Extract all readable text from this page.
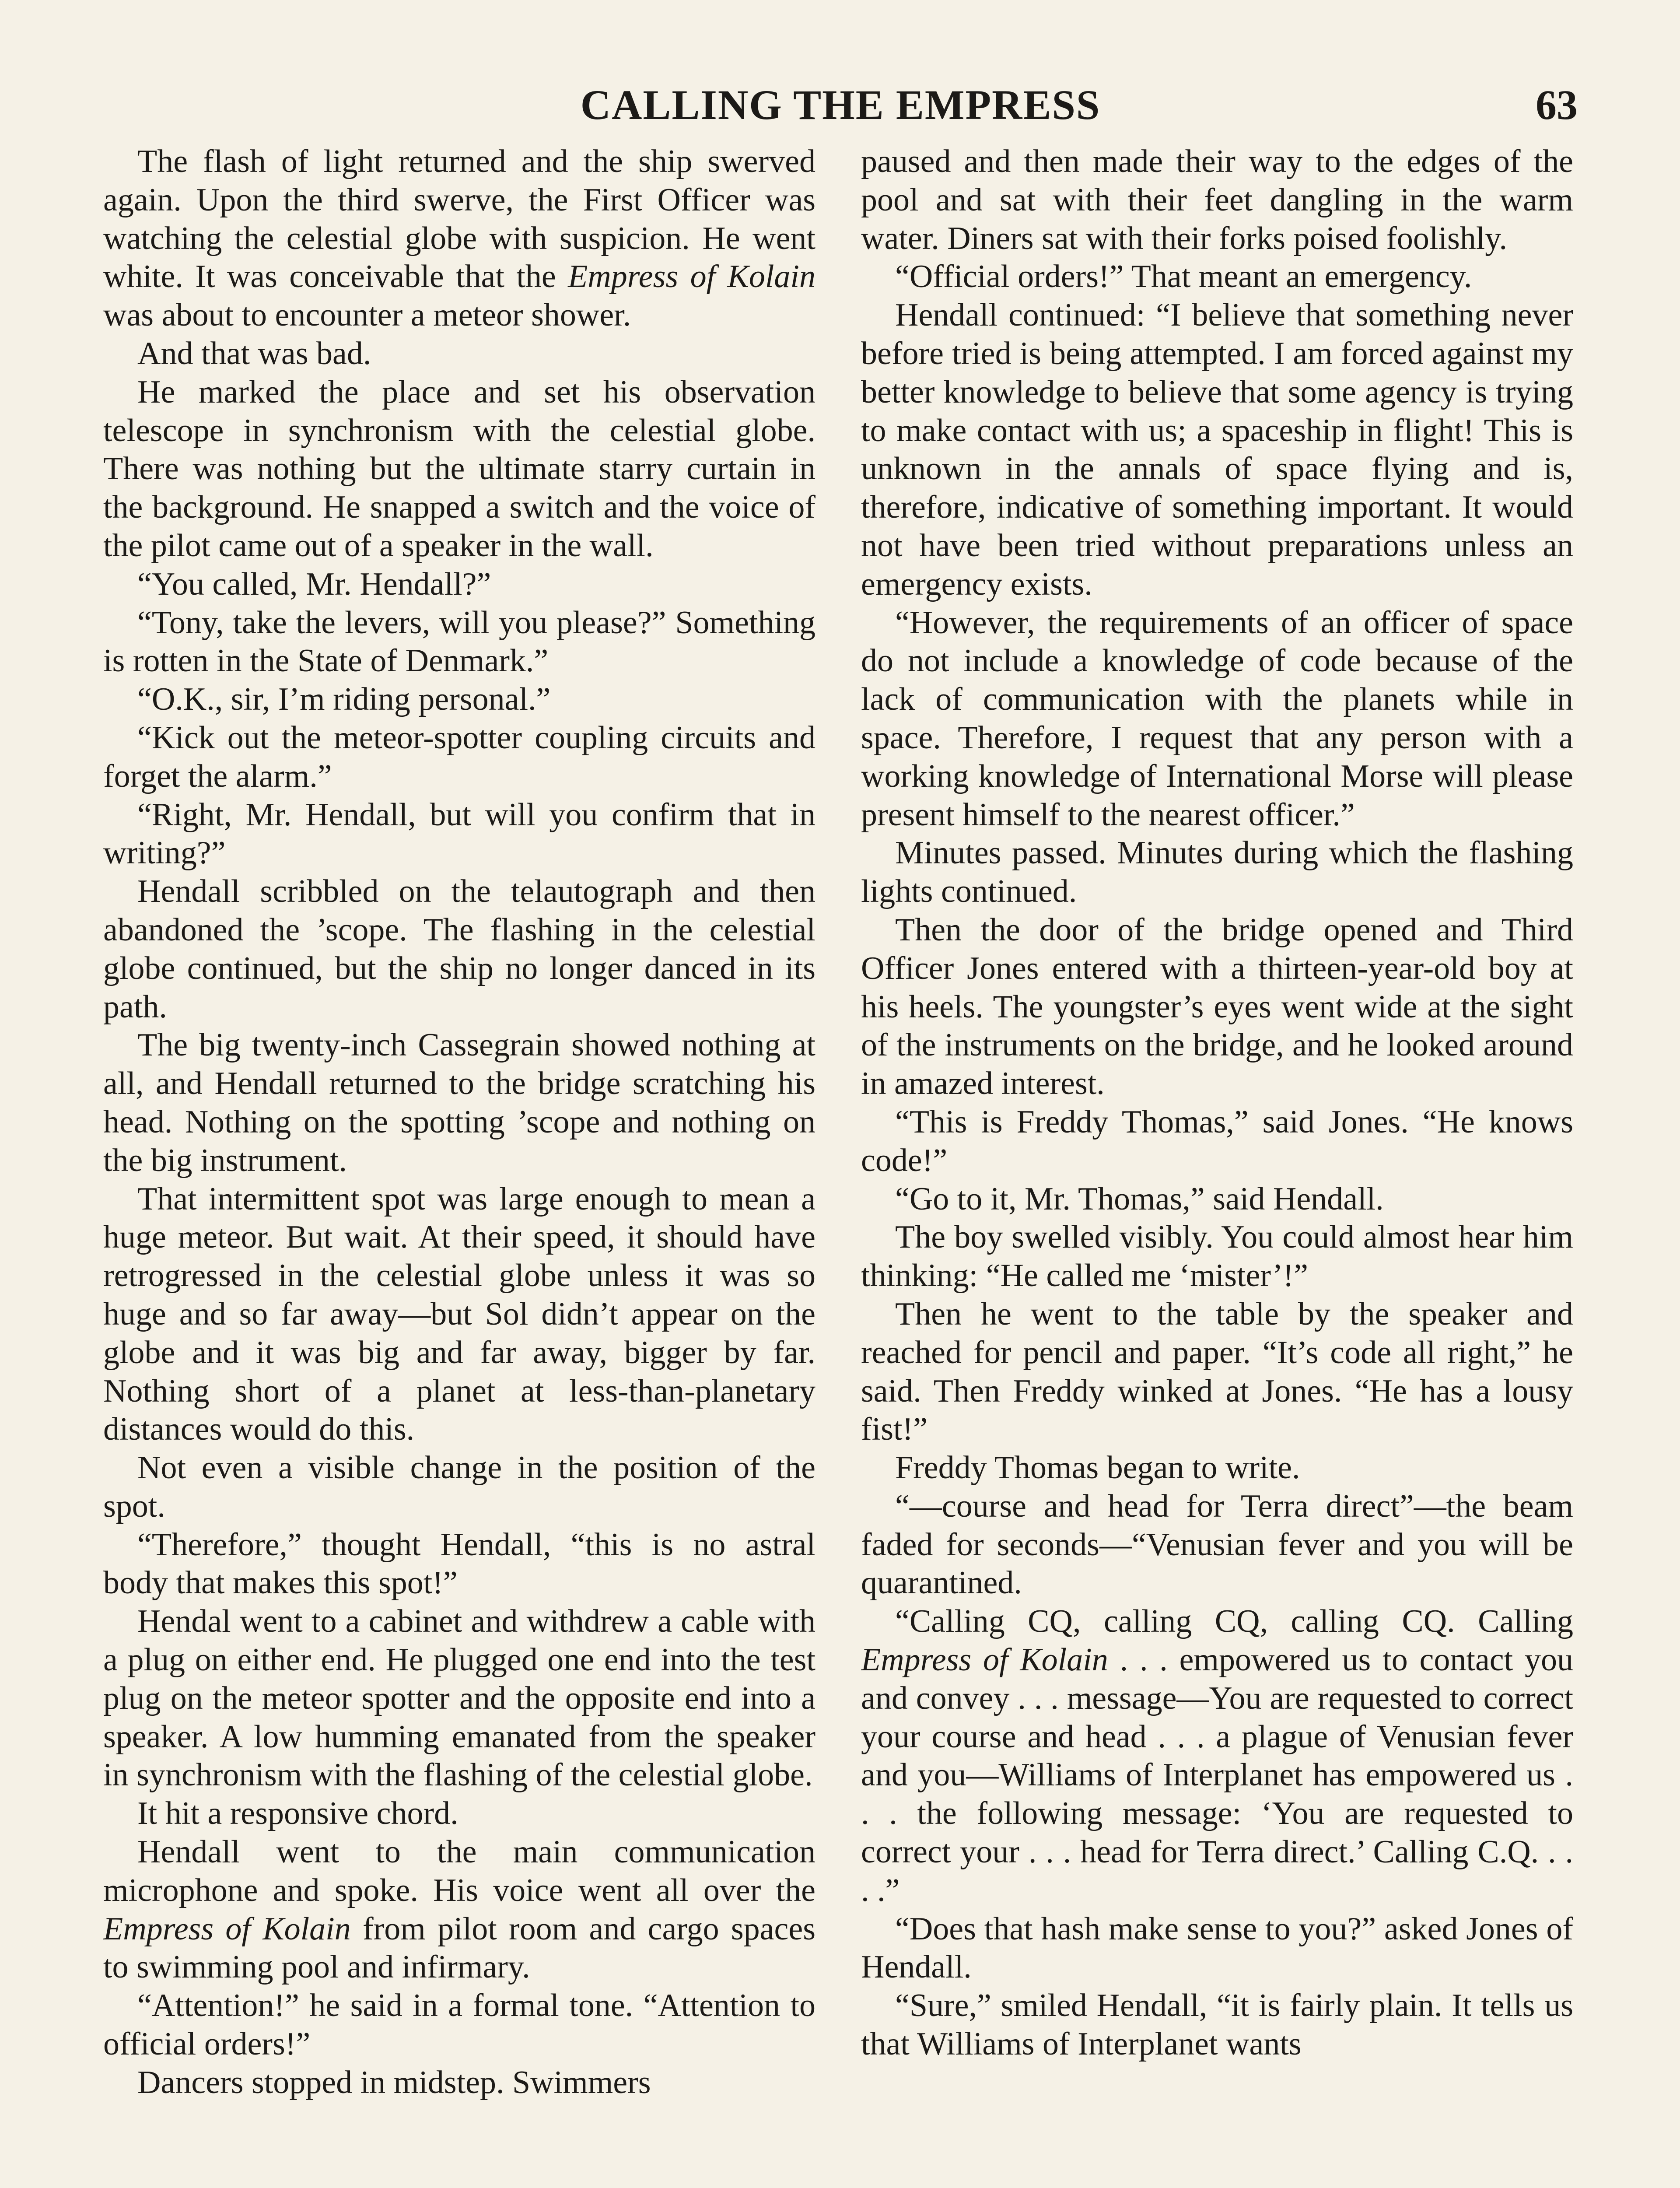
CALLING THE EMPRESS	63

The flash of light returned and the ship swerved again. Upon the third swerve, the First Officer was watching the celestial globe with suspicion. He went white. It was conceivable that the Empress of Kolain was about to encounter a meteor shower.

And that was bad.

He marked the place and set his observation telescope in synchronism with the celestial globe. There was nothing but the ultimate starry curtain in the background. He snapped a switch and the voice of the pilot came out of a speaker in the wall.

“You called, Mr. Hendall?”

“Tony, take the levers, will you please?” Something is rotten in the State of Denmark.”

“O.K., sir, I’m riding personal.”

“Kick out the meteor-spotter coupling circuits and forget the alarm.”

“Right, Mr. Hendall, but will you confirm that in writing?”

Hendall scribbled on the telautograph and then abandoned the ’scope. The flashing in the celestial globe continued, but the ship no longer danced in its path.

The big twenty-inch Cassegrain showed nothing at all, and Hendall returned to the bridge scratching his head. Nothing on the spotting ’scope and nothing on the big instrument.

That intermittent spot was large enough to mean a huge meteor. But wait. At their speed, it should have retrogressed in the celestial globe unless it was so huge and so far away—but Sol didn’t appear on the globe and it was big and far away, bigger by far. Nothing short of a planet at less-than-planetary distances would do this.

Not even a visible change in the position of the spot.

“Therefore,” thought Hendall, “this is no astral body that makes this spot!”

Hendal went to a cabinet and withdrew a cable with a plug on either end. He plugged one end into the test plug on the meteor spotter and the opposite end into a speaker. A low humming emanated from the speaker in synchronism with the flashing of the celestial globe.

It hit a responsive chord.

Hendall went to the main communication microphone and spoke. His voice went all over the Empress of Kolain from pilot room and cargo spaces to swimming pool and infirmary.

“Attention!” he said in a formal tone. “Attention to official orders!”

Dancers stopped in midstep. Swimmers

paused and then made their way to the edges of the pool and sat with their feet dangling in the warm water. Diners sat with their forks poised foolishly.

“Official orders!” That meant an emergency.

Hendall continued: “I believe that something never before tried is being attempted. I am forced against my better knowledge to believe that some agency is trying to make contact with us; a spaceship in flight! This is unknown in the annals of space flying and is, therefore, indicative of something important. It would not have been tried without preparations unless an emergency exists.

“However, the requirements of an officer of space do not include a knowledge of code because of the lack of communication with the planets while in space. Therefore, I request that any person with a working knowledge of International Morse will please present himself to the nearest officer.”

Minutes passed. Minutes during which the flashing lights continued.

Then the door of the bridge opened and Third Officer Jones entered with a thirteen-year-old boy at his heels. The youngster’s eyes went wide at the sight of the instruments on the bridge, and he looked around in amazed interest.

“This is Freddy Thomas,” said Jones. “He knows code!”

“Go to it, Mr. Thomas,” said Hendall.

The boy swelled visibly. You could almost hear him thinking: “He called me ‘mister’!”

Then he went to the table by the speaker and reached for pencil and paper. “It’s code all right,” he said. Then Freddy winked at Jones. “He has a lousy fist!”

Freddy Thomas began to write.

“—course and head for Terra direct”—the beam faded for seconds—“Venusian fever and you will be quarantined.

“Calling CQ, calling CQ, calling CQ. Calling Empress of Kolain . . . empowered us to contact you and convey . . . message—You are requested to correct your course and head . . . a plague of Venusian fever and you—Williams of Interplanet has empowered us . . . the following message: ‘You are requested to correct your . . . head for Terra direct.’ Calling C.Q. . . . .”

“Does that hash make sense to you?” asked Jones of Hendall.

“Sure,” smiled Hendall, “it is fairly plain. It tells us that Williams of Interplanet wants
